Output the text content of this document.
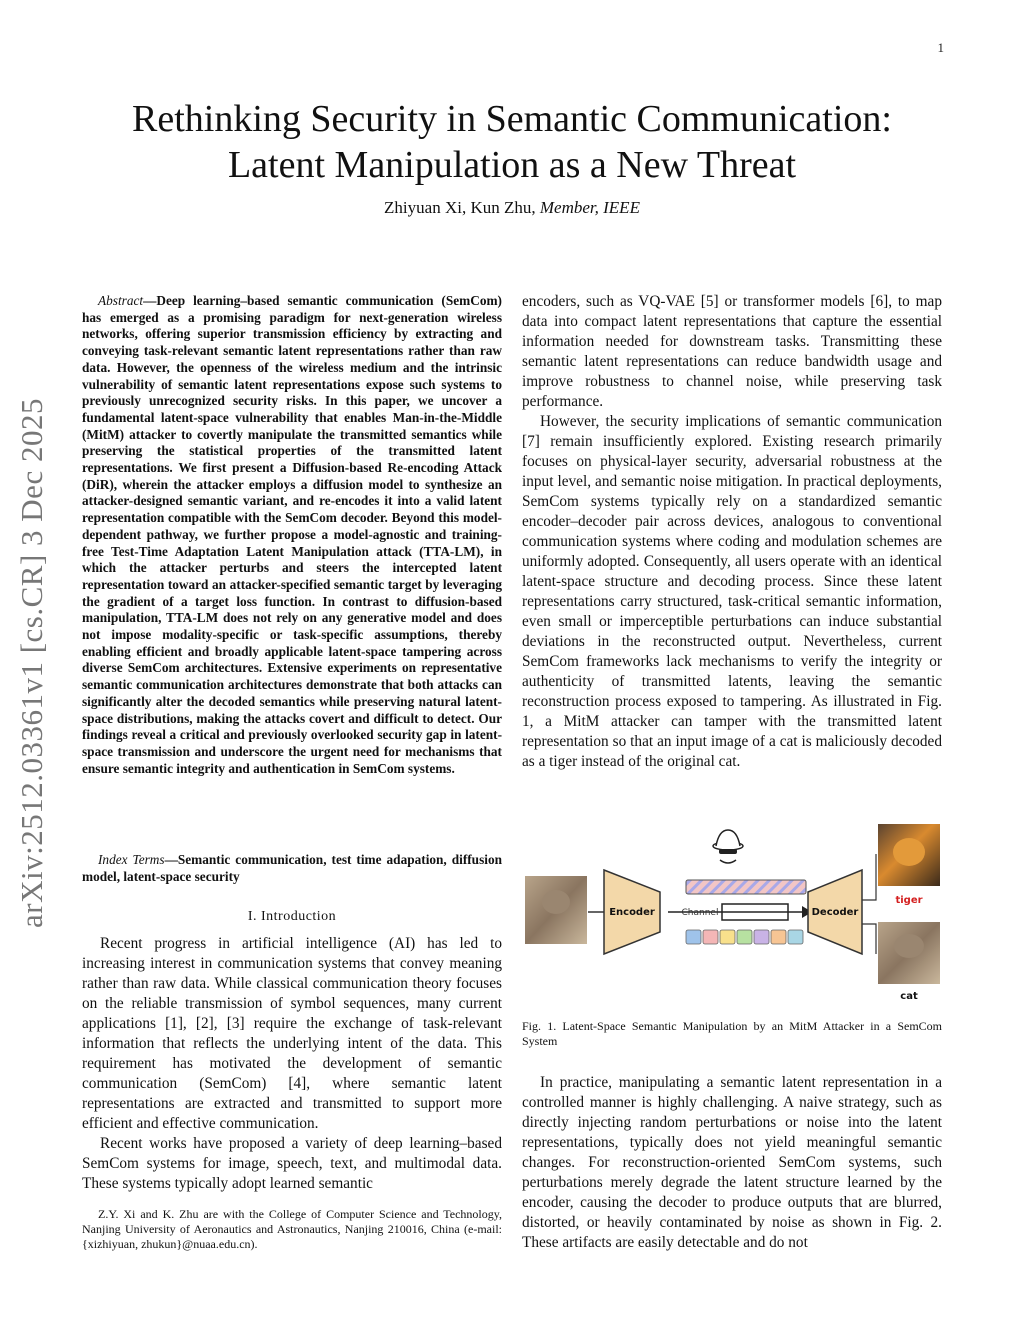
1
arXiv:2512.03361v1 [cs.CR] 3 Dec 2025
Rethinking Security in Semantic Communication:
Latent Manipulation as a New Threat
Zhiyuan Xi, Kun Zhu, Member, IEEE
Abstract—Deep learning–based semantic communication (SemCom) has emerged as a promising paradigm for next-generation wireless networks, offering superior transmission efficiency by extracting and conveying task-relevant semantic latent representations rather than raw data. However, the openness of the wireless medium and the intrinsic vulnerability of semantic latent representations expose such systems to previously unrecognized security risks. In this paper, we uncover a fundamental latent-space vulnerability that enables Man-in-the-Middle (MitM) attacker to covertly manipulate the transmitted semantics while preserving the statistical properties of the transmitted latent representations. We first present a Diffusion-based Re-encoding Attack (DiR), wherein the attacker employs a diffusion model to synthesize an attacker-designed semantic variant, and re-encodes it into a valid latent representation compatible with the SemCom decoder. Beyond this model-dependent pathway, we further propose a model-agnostic and training-free Test-Time Adaptation Latent Manipulation attack (TTA-LM), in which the attacker perturbs and steers the intercepted latent representation toward an attacker-specified semantic target by leveraging the gradient of a target loss function. In contrast to diffusion-based manipulation, TTA-LM does not rely on any generative model and does not impose modality-specific or task-specific assumptions, thereby enabling efficient and broadly applicable latent-space tampering across diverse SemCom architectures. Extensive experiments on representative semantic communication architectures demonstrate that both attacks can significantly alter the decoded semantics while preserving natural latent-space distributions, making the attacks covert and difficult to detect. Our findings reveal a critical and previously overlooked security gap in latent-space transmission and underscore the urgent need for mechanisms that ensure semantic integrity and authentication in SemCom systems.
Index Terms—Semantic communication, test time adapation, diffusion model, latent-space security
I. Introduction

Recent progress in artificial intelligence (AI) has led to increasing interest in communication systems that convey meaning rather than raw data. While classical communication theory focuses on the reliable transmission of symbol sequences, many current applications [1], [2], [3] require the exchange of task-relevant information that reflects the underlying intent of the data. This requirement has motivated the development of semantic communication (SemCom) [4], where semantic latent representations are extracted and transmitted to support more efficient and effective communication.

Recent works have proposed a variety of deep learning–based SemCom systems for image, speech, text, and multimodal data. These systems typically adopt learned semantic

Z.Y. Xi and K. Zhu are with the College of Computer Science and Technology, Nanjing University of Aeronautics and Astronautics, Nanjing 210016, China (e-mail: {xizhiyuan, zhukun}@nuaa.edu.cn).

encoders, such as VQ-VAE [5] or transformer models [6], to map data into compact latent representations that capture the essential information needed for downstream tasks. Transmitting these semantic latent representations can reduce bandwidth usage and improve robustness to channel noise, while preserving task performance.

However, the security implications of semantic communication [7] remain insufficiently explored. Existing research primarily focuses on physical-layer security, adversarial robustness at the input level, and semantic noise mitigation. In practical deployments, SemCom systems typically rely on a standardized semantic encoder–decoder pair across devices, analogous to conventional communication systems where coding and modulation schemes are uniformly adopted. Consequently, all users operate with an identical latent-space structure and decoding process. Since these latent representations carry structured, task-critical semantic information, even small or imperceptible perturbations can induce substantial deviations in the reconstructed output. Nevertheless, current SemCom frameworks lack mechanisms to verify the integrity or authenticity of transmitted latents, leaving the semantic reconstruction process exposed to tampering. As illustrated in Fig. 1, a MitM attacker can tamper with the transmitted latent representation so that an input image of a cat is maliciously decoded as a tiger instead of the original cat.

Encoder	Channel	Decoder
tiger
cat
Fig. 1. Latent-Space Semantic Manipulation by an MitM Attacker in a SemCom System

In practice, manipulating a semantic latent representation in a controlled manner is highly challenging. A naive strategy, such as directly injecting random perturbations or noise into the latent representations, typically does not yield meaningful semantic changes. For reconstruction-oriented SemCom systems, such perturbations merely degrade the latent structure learned by the encoder, causing the decoder to produce outputs that are blurred, distorted, or heavily contaminated by noise as shown in Fig. 2. These artifacts are easily detectable and do not
